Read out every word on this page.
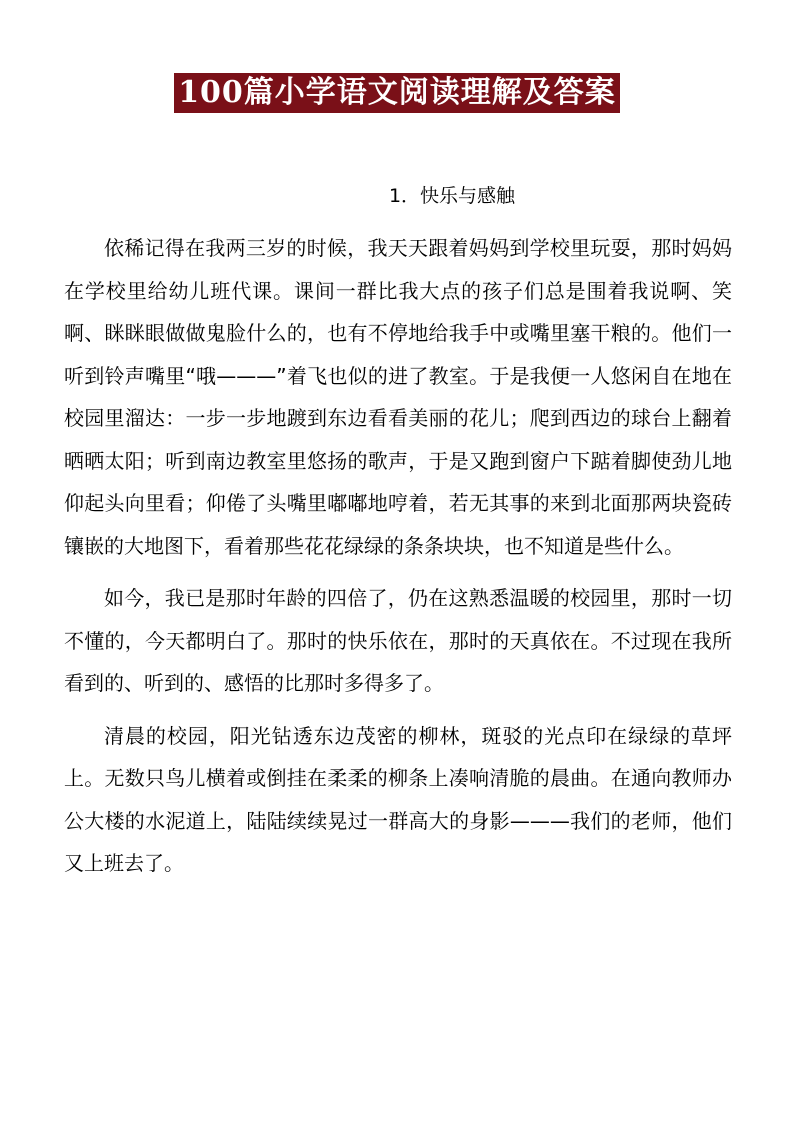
100篇小学语文阅读理解及答案
1．快乐与感触

依稀记得在我两三岁的时候，我天天跟着妈妈到学校里玩耍，那时妈妈在学校里给幼儿班代课。课间一群比我大点的孩子们总是围着我说啊、笑啊、眯眯眼做做鬼脸什么的，也有不停地给我手中或嘴里塞干粮的。他们一听到铃声嘴里“哦———”着飞也似的进了教室。于是我便一人悠闲自在地在校园里溜达：一步一步地踱到东边看看美丽的花儿；爬到西边的球台上翻着晒晒太阳；听到南边教室里悠扬的歌声，于是又跑到窗户下踮着脚使劲儿地仰起头向里看；仰倦了头嘴里嘟嘟地哼着，若无其事的来到北面那两块瓷砖镶嵌的大地图下，看着那些花花绿绿的条条块块，也不知道是些什么。

如今，我已是那时年龄的四倍了，仍在这熟悉温暖的校园里，那时一切不懂的，今天都明白了。那时的快乐依在，那时的天真依在。不过现在我所看到的、听到的、感悟的比那时多得多了。

清晨的校园，阳光钻透东边茂密的柳林，斑驳的光点印在绿绿的草坪上。无数只鸟儿横着或倒挂在柔柔的柳条上凑响清脆的晨曲。在通向教师办公大楼的水泥道上，陆陆续续晃过一群高大的身影———我们的老师，他们又上班去了。
